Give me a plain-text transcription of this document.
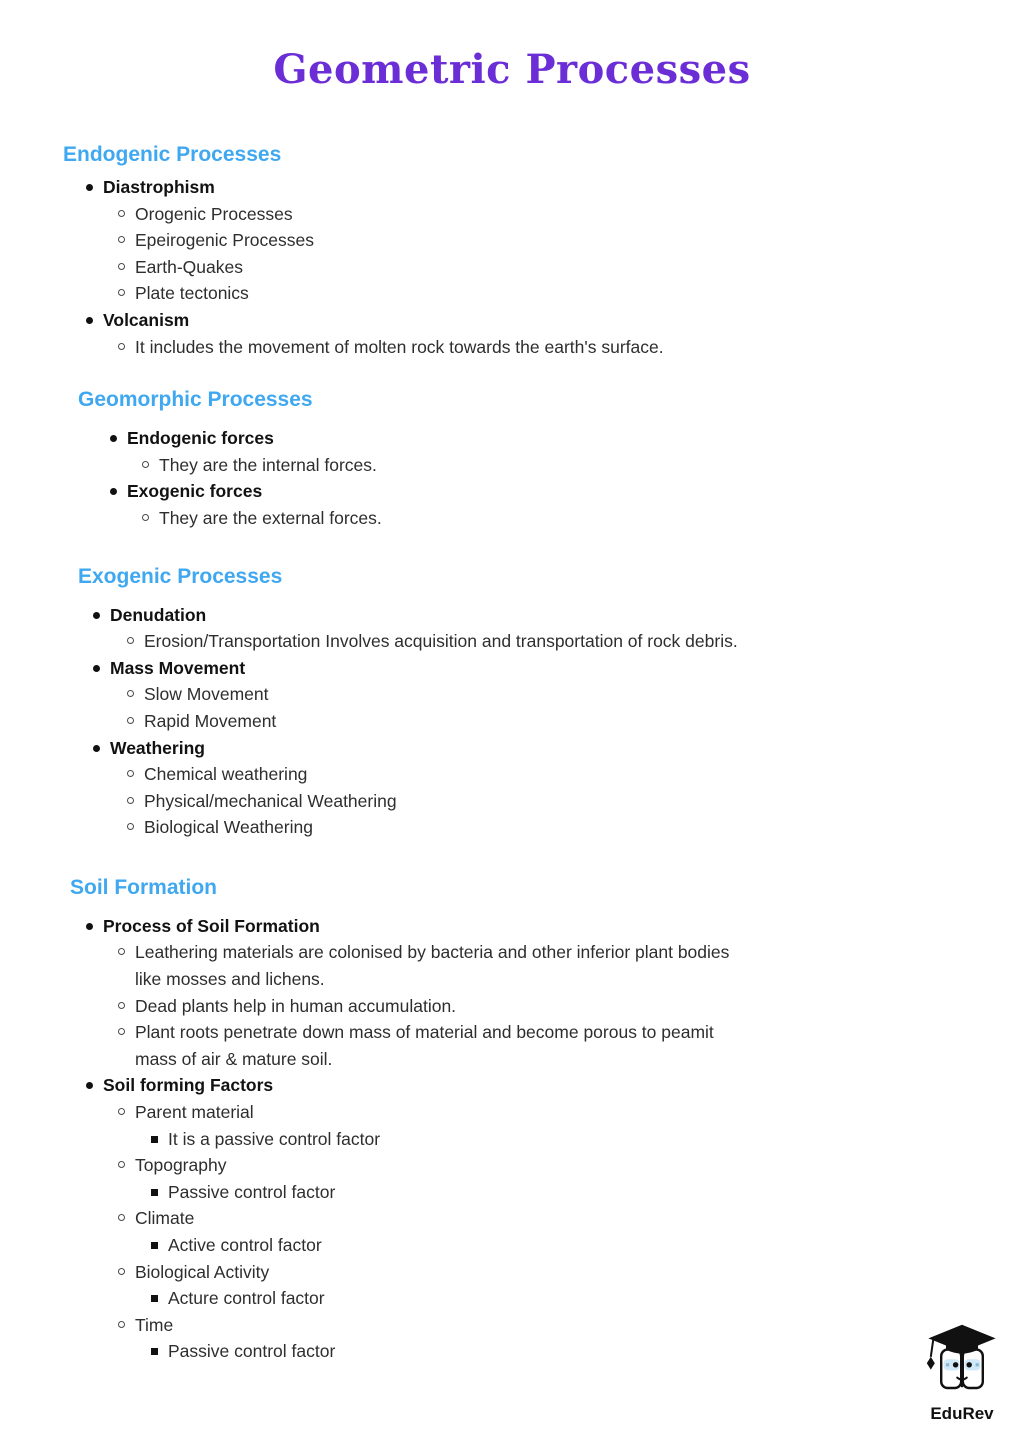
Geometric Processes
Endogenic Processes
Diastrophism
Orogenic Processes
Epeirogenic Processes
Earth-Quakes
Plate tectonics
Volcanism
It includes the movement of molten rock towards the earth's surface.
Geomorphic Processes
Endogenic forces
They are the internal forces.
Exogenic forces
They are the external forces.
Exogenic Processes
Denudation
Erosion/Transportation Involves acquisition and transportation of rock debris.
Mass Movement
Slow Movement
Rapid Movement
Weathering
Chemical weathering
Physical/mechanical Weathering
Biological Weathering
Soil Formation
Process of Soil Formation
Leathering materials are colonised by bacteria and other inferior plant bodies like mosses and lichens.
Dead plants help in human accumulation.
Plant roots penetrate down mass of material and become porous to peamit mass of air & mature soil.
Soil forming Factors
Parent material
It is a passive control factor
Topography
Passive control factor
Climate
Active control factor
Biological Activity
Acture control factor
Time
Passive control factor
EduRev
